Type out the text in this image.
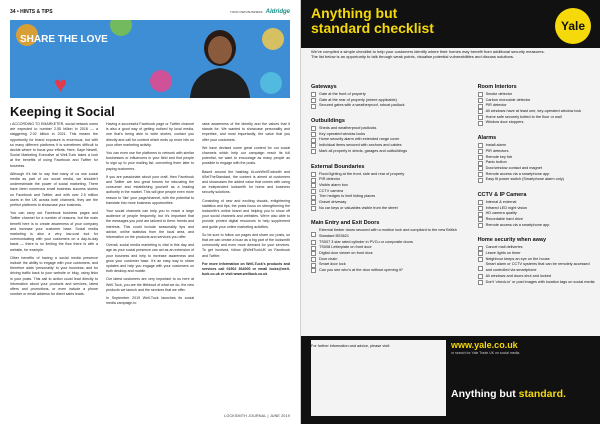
34 • HINTS & TIPS	YOUR OWN BUSINESS Aldridge
SHARE THE LOVE
♥
Keeping it Social

• ACCORDING TO EMARKETER, social network users are expected to number 2.55 billion in 2018 — a staggering 2.02 billion in 2021. This means the opportunity for brand exposure is enormous, but with so many different platforms it is sometimes difficult to decide where to focus your efforts. Here, Kaye Newell, Social Marketing Executive at Well-Tuck takes a look at the benefits of using Facebook and Twitter for business.

Although it's fair to say that many of us use social media as part of our social media, we shouldn't underestimate the power of social marketing. There have been numerous small business success stories on Facebook and Twitter, and with over 2.5 million users in the UK across both channels, they are the perfect platforms to showcase your business.

You can carry out Facebook business pages and Twitter channel for a number of reasons, but the main benefit here is to create awareness of your company and increase your customer base. Social media marketing is also a very low-cost tool for communicating with your customers on a day-to-day basis — there is no limiting the flow there is with a website, for example.

Other benefits of having a social media presence include the ability to engage with your customers, and therefore adds 'personality' to your business; and for driving traffic back to your website or blog, using links in your posts. This call to action could lead directly to information about your products and services, latest offers and promotions, or even include a phone number or email address for direct sales leads.

Having a successful Facebook page or Twitter channel is also a good way of getting noticed by local media, one that's being able to write stories, contact you directly and call for content which ends up more hits on your other marketing activity.

You can even use the platforms to network with similar businesses or influencers in your field and find people to sign up to your mailing list, converting them later to paying customers.

If you are passionate about your craft, then Facebook and Twitter are two great forums for educating the consumer and establishing yourself as a leading authority in the market. This will give people even more reason to 'like' your page/channel, with the potential to translate into more business opportunities.

Your social channels can help you to reach a large audience of people frequently, but it's important that the messages you post are tailored to them: trends and interests. This could include seasonality tips and advice, online statistics from the local area, and information on the products and services you offer.

Overall, social media marketing is vital in this day and age as your social presence can act as an extension of your business and help to increase awareness and grow your customer base. It's an easy way to share updates and help you engage with your customers on both desktop and mobile.

Our latest customers are very important to us here at Well-Tuck, you are the lifeblood of what we do, the new products we launch and the services that we offer.

In September 2019 Well-Tuck launches its social media campaign to

raise awareness of the identity and the values that it stands for. We wanted to showcase personality and expertise, and most importantly, the value that you offer your customers.

We have devised some great content for our social channels which help our campaign reach its full potential, we want to encourage as many people as possible to engage with the posts.

Based around the hashtag #LoveWellTuckwith and #SetTheStandard, the content is aimed at customers and showcases the added value that comes with using an independent locksmith for home and business security solutions.

Consisting of new and exciting visuals, enlightening statistics and tips, the posts focus on strengthening the locksmith's online brand and helping you to show off your social channels and websites. We're also able to provide printed digital resources to help supplement and guide your online marketing activities.

So be sure to follow our pages and share our posts, so that we can create a buzz as a big part of the locksmith community and even more demand for your services. To get involved, follow @WellTuckUK on Facebook and Twitter.

For more information on Well-Tuck's products and services call 01902 364000 or email locks@well-tuck.co.uk or visit www.welltuck.co.uk

LOCKSMITH JOURNAL | JUNE 2019
Anything but
standard checklist	Yale
We've compiled a simple checklist to help your customers identify where their homes may benefit from additional security measures. The list below is an opportunity to talk through weak points, visualise potential vulnerabilities and discuss solutions.
Gateways
Gate at the front of property
Gate at the rear of property (where applicable)
Secured gates with a weatherproof, robust padlock
Outbuildings
Sheds and weatherproof padlocks
Key operated window locks
Home security alarm with extended range cover
Individual items secured with anchors and cables
Mark all property in sheds, garages and outbuildings
External Boundaries
Flood lighting at the front, side and rear of property
PIR detector
Visible alarm box
CCTV camera
Trim hedges to limit hiding places
Gravel driveway
No car keys or valuables visible from the street
Main Entry and Exit Doors
External timber doors secured with a mortice lock and compliant to the new British Standard BS3621
TS007 3 star rated cylinder in PVCu or composite doors
TS008 Letterplate on front door
Digital door viewer on front door
Door chain
Smart door lock
Can you see who's at the door without opening it?
Room Interiors
Smoke detector
Carbon monoxide detector
PIR detector
All windows have at least one, key-operated window lock
Home safe securely bolted to the floor or wall
Window door stoppers
Alarms
Install alarm
PIR detectors
Remote key fob
Panic button
Door/window contact and magnet
Remote access via a smartphone app
Easy fit power switch (Smartphone alarm only)
CCTV & IP Camera
Internal & external
Infrared LED night vision
HD camera quality
Recordable hard drive
Remote access via a smartphone app
Home security when away
Cancel mail deliveries
Leave lights on timer
Neighbour keeps an eye on the house
Smart alarm or CCTV systems that can be remotely accessed and controlled via smartphone
All windows and doors shut and locked
Don't 'check-in' or post images with location tags on social media
For further information and advice, please visit:	www.yale.co.uk
or search for Yale Trade UK on social media
Anything but standard.
